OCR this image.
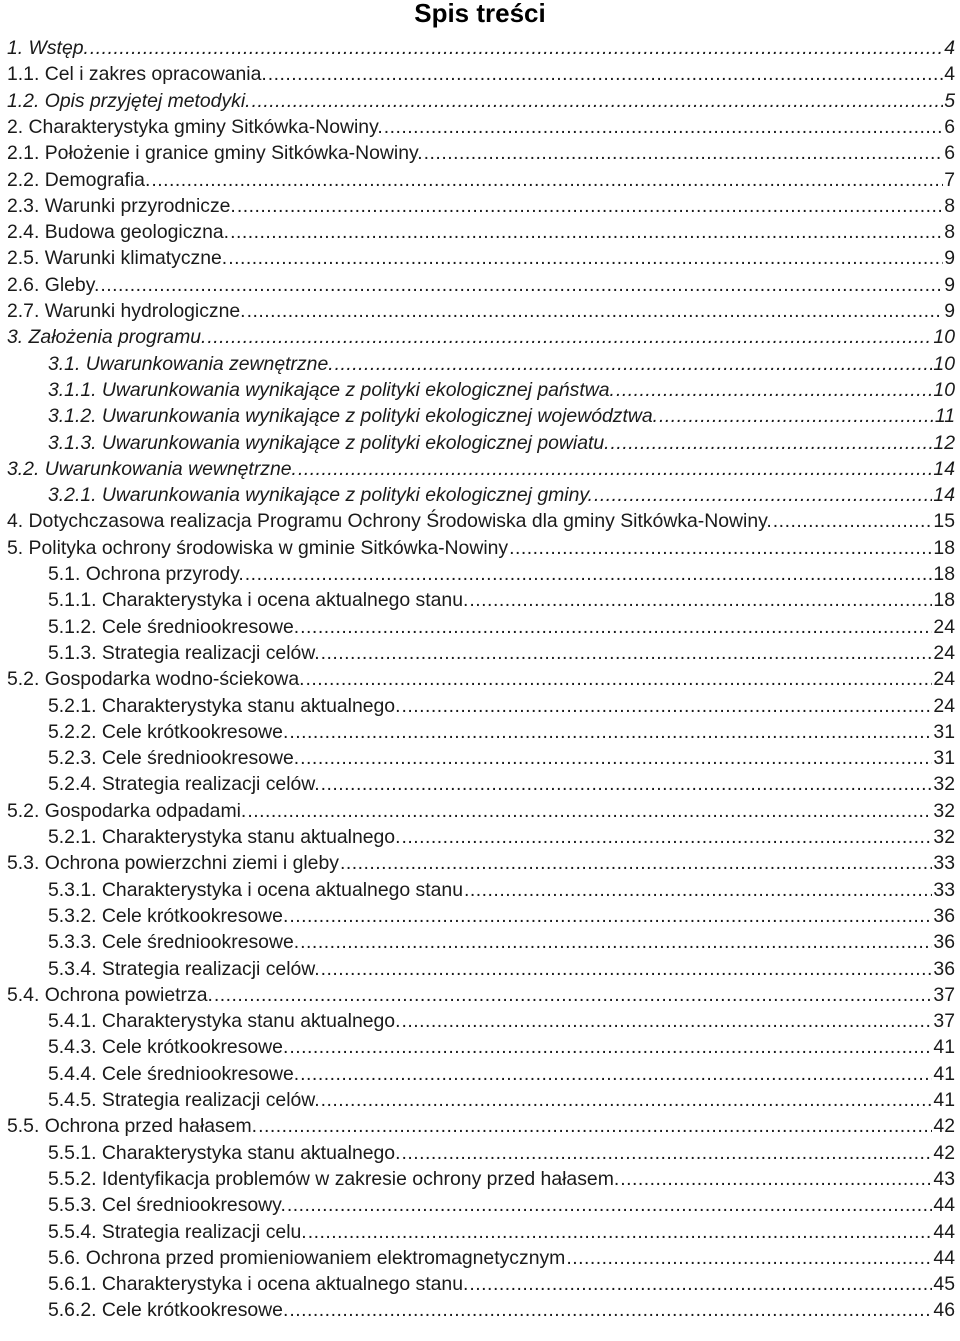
Spis treści
1. Wstęp. .....	4
1.1. Cel i zakres opracowania. .....	4
1.2. Opis przyjętej metodyki. .....	5
2. Charakterystyka gminy Sitkówka-Nowiny. .....	6
2.1. Położenie i granice gminy Sitkówka-Nowiny. .....	6
2.2. Demografia. .....	7
2.3. Warunki przyrodnicze. .....	8
2.4. Budowa geologiczna. .....	8
2.5. Warunki klimatyczne. .....	9
2.6. Gleby. .....	9
2.7. Warunki hydrologiczne. .....	9
3. Założenia programu. .....	10
3.1. Uwarunkowania zewnętrzne. .....	10
3.1.1. Uwarunkowania wynikające z polityki ekologicznej państwa. .....	10
3.1.2. Uwarunkowania wynikające z polityki ekologicznej województwa. .....	11
3.1.3. Uwarunkowania wynikające z polityki ekologicznej powiatu. .....	12
3.2. Uwarunkowania wewnętrzne. .....	14
3.2.1. Uwarunkowania wynikające z polityki ekologicznej gminy. .....	14
4. Dotychczasowa realizacja Programu Ochrony Środowiska dla gminy Sitkówka-Nowiny. .....	15
5. Polityka ochrony środowiska w gminie Sitkówka-Nowiny .....	18
5.1. Ochrona przyrody. .....	18
5.1.1. Charakterystyka i ocena aktualnego stanu. .....	18
5.1.2. Cele średniookresowe. .....	24
5.1.3. Strategia realizacji celów. .....	24
5.2. Gospodarka wodno-ściekowa. .....	24
5.2.1. Charakterystyka stanu aktualnego. .....	24
5.2.2. Cele krótkookresowe. .....	31
5.2.3. Cele średniookresowe. .....	31
5.2.4. Strategia realizacji celów. .....	32
5.2. Gospodarka odpadami. .....	32
5.2.1. Charakterystyka stanu aktualnego. .....	32
5.3. Ochrona powierzchni ziemi i gleby .....	33
5.3.1. Charakterystyka i ocena aktualnego stanu .....	33
5.3.2. Cele krótkookresowe. .....	36
5.3.3. Cele średniookresowe. .....	36
5.3.4. Strategia realizacji celów. .....	36
5.4. Ochrona powietrza. .....	37
5.4.1. Charakterystyka stanu aktualnego. .....	37
5.4.3. Cele krótkookresowe. .....	41
5.4.4. Cele średniookresowe. .....	41
5.4.5. Strategia realizacji celów. .....	41
5.5. Ochrona przed hałasem. .....	42
5.5.1. Charakterystyka stanu aktualnego. .....	42
5.5.2. Identyfikacja problemów w zakresie ochrony przed hałasem. .....	43
5.5.3. Cel średniookresowy. .....	44
5.5.4. Strategia realizacji celu. .....	44
5.6. Ochrona przed promieniowaniem elektromagnetycznym .....	44
5.6.1. Charakterystyka i ocena aktualnego stanu. .....	45
5.6.2. Cele krótkookresowe. .....	46
